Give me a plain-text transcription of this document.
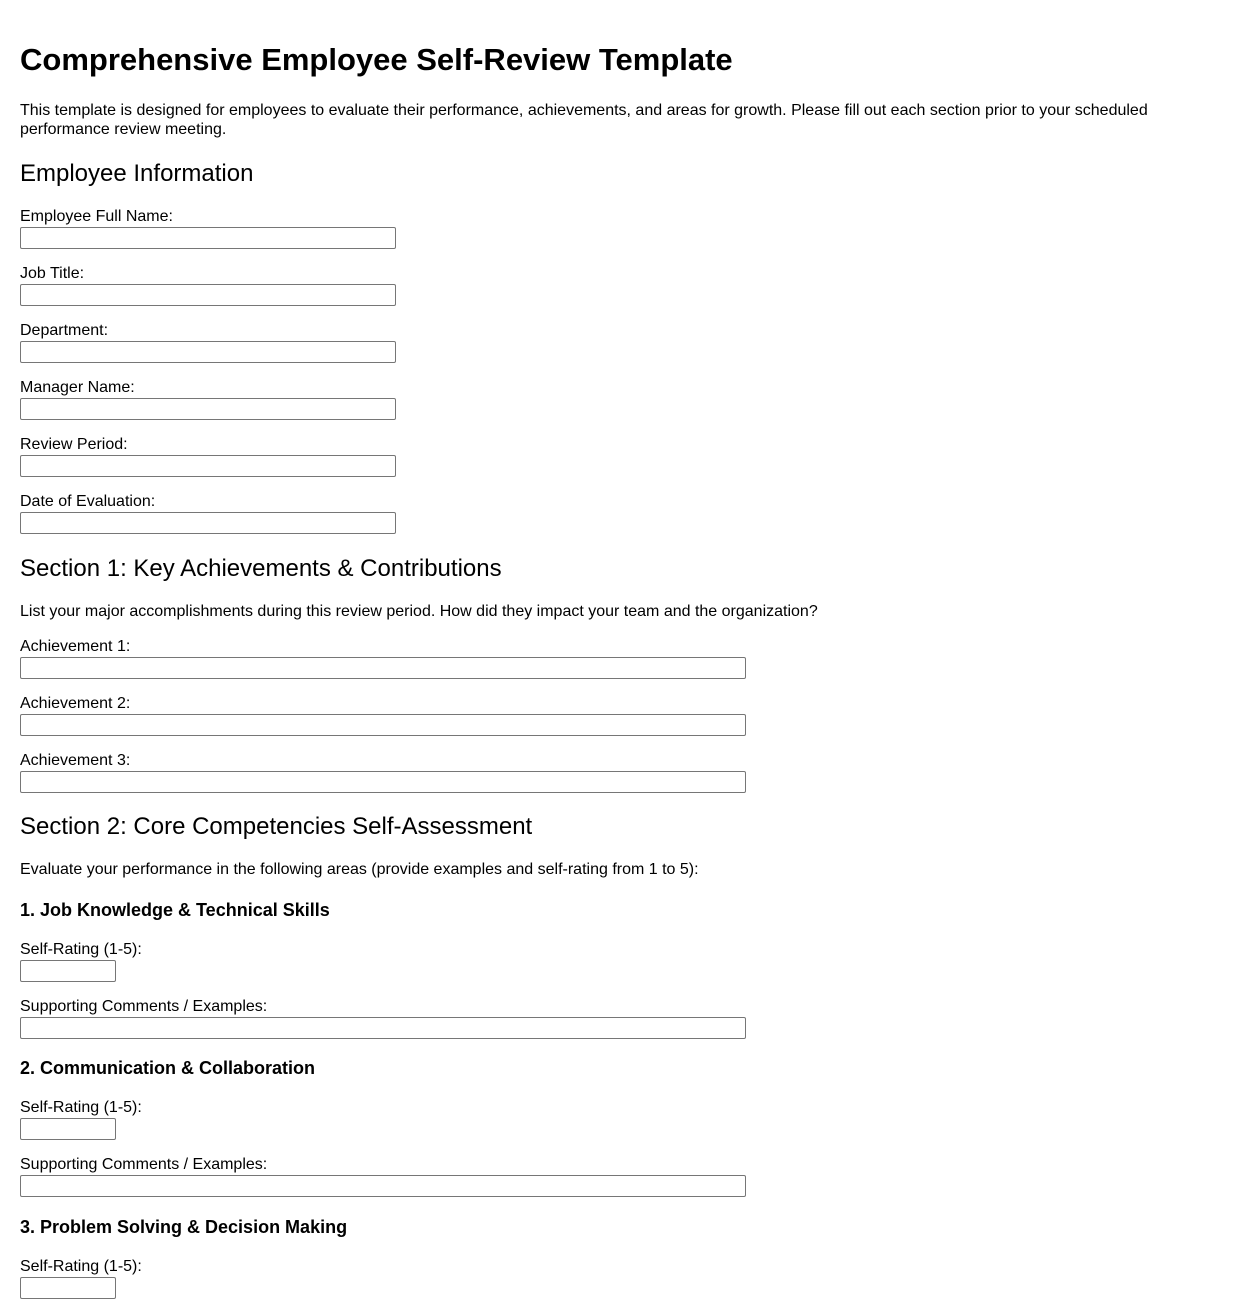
Comprehensive Employee Self-Review Template

This template is designed for employees to evaluate their performance, achievements, and areas for growth. Please fill out each section prior to your scheduled performance review meeting.

Employee Information
Employee Full Name:
Job Title:
Department:
Manager Name:
Review Period:
Date of Evaluation:
Section 1: Key Achievements & Contributions

List your major accomplishments during this review period. How did they impact your team and the organization?

Achievement 1:
Achievement 2:
Achievement 3:
Section 2: Core Competencies Self-Assessment

Evaluate your performance in the following areas (provide examples and self-rating from 1 to 5):

1. Job Knowledge & Technical Skills
Self-Rating (1-5):
Supporting Comments / Examples:
2. Communication & Collaboration
Self-Rating (1-5):
Supporting Comments / Examples:
3. Problem Solving & Decision Making
Self-Rating (1-5):
